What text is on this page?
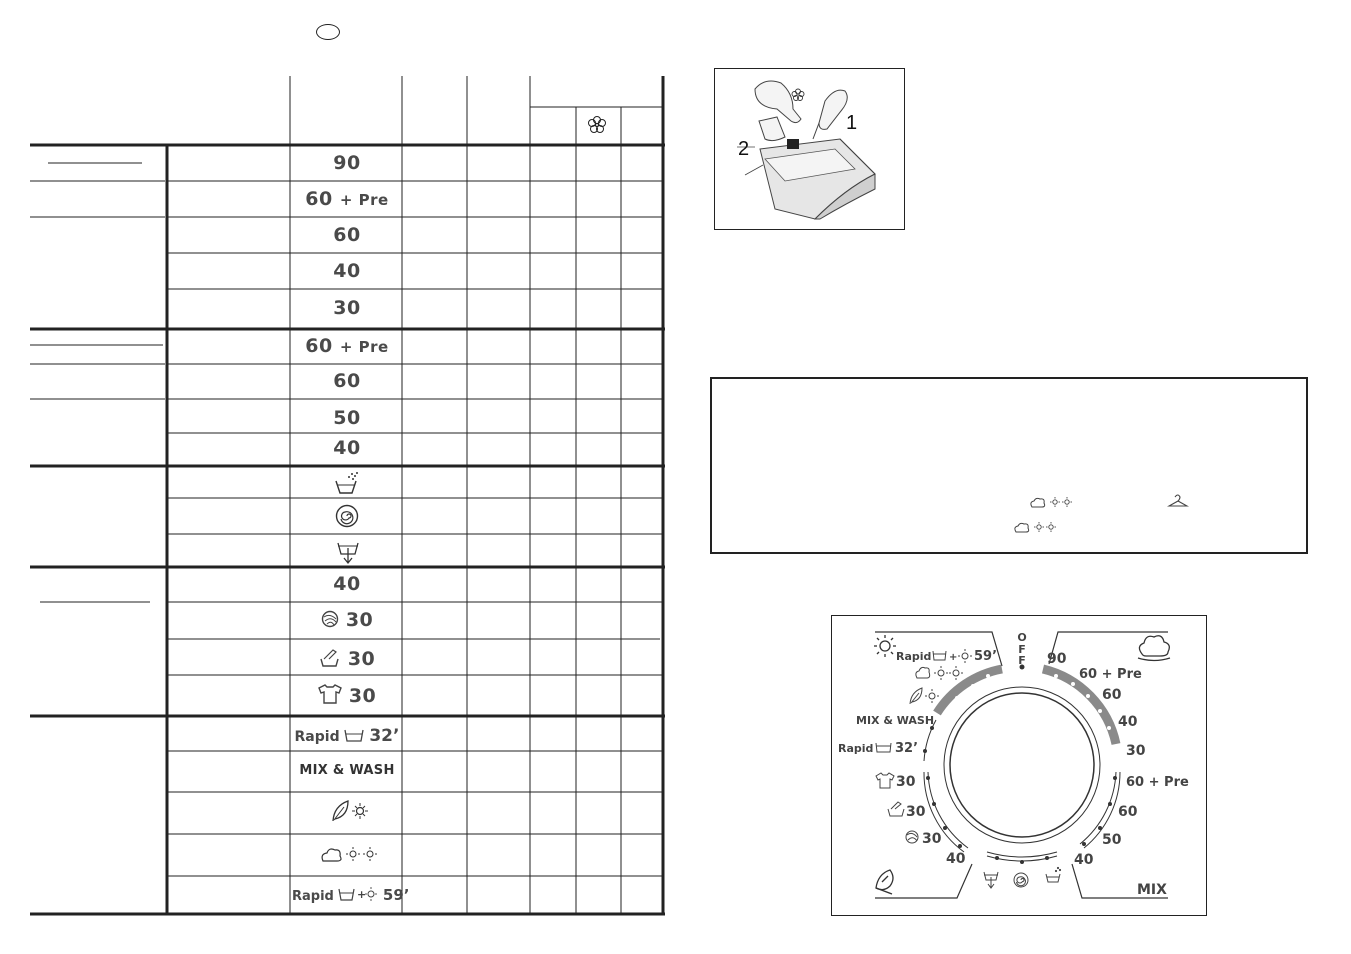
90
60 + Pre
60
40
30
60 + Pre
60
50
40
40
30
30
30
Rapid 32’
MIX & WASH
Rapid + 59’
1
2
O
F
F 90
60 + Pre
60
40
30
60 + Pre
60
50
40
Rapid + 59’
MIX & WASH
Rapid 32’
30
30
30
40
MIX
